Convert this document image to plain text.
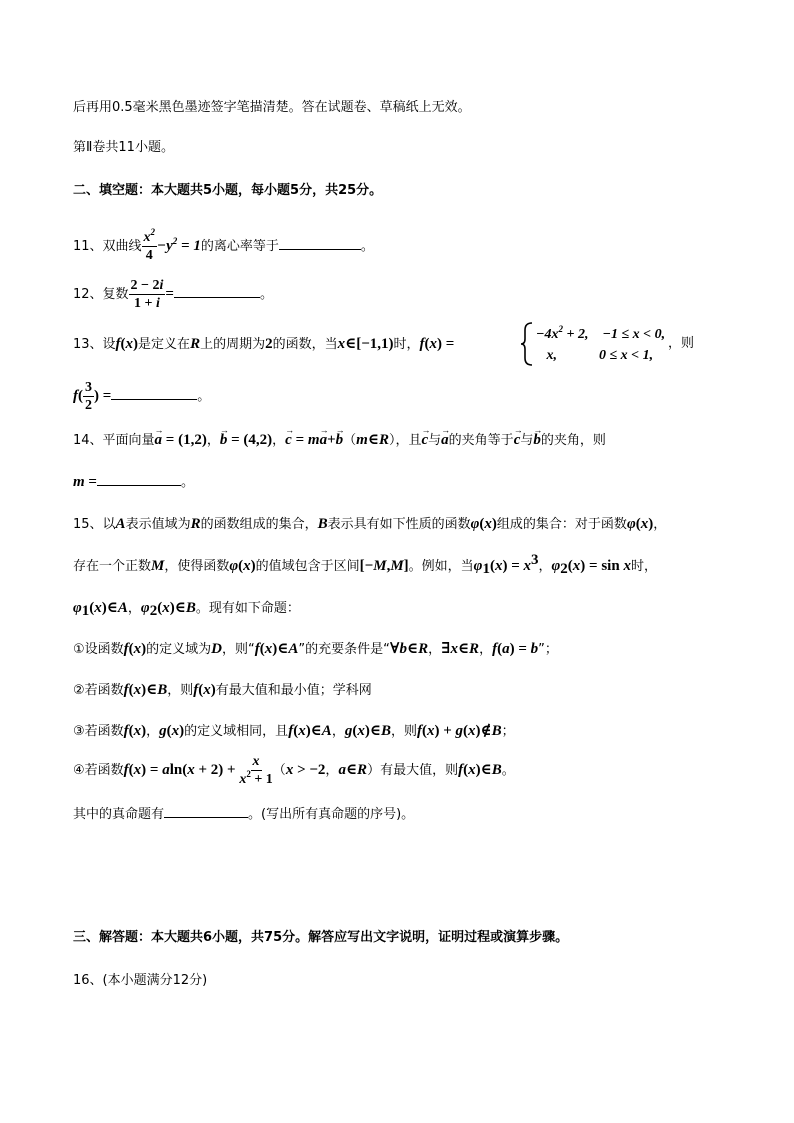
后再用0.5毫米黑色墨迹签字笔描清楚。答在试题卷、草稿纸上无效。
第Ⅱ卷共11小题。
二、填空题：本大题共5小题，每小题5分，共25分。
11、双曲线 $\frac{x^2}{4} -y^2 = 1$的离心率等于	。
12、复数 $\frac{2 - 2i}{1 + i}$ =	。
13、设f(x)是定义在R上的周期为2的函数，当x∈[−1,1)时，f(x) =
$-4x^2 + 2$,    −1 ≤ x < 0,
x,            0 ≤ x < 1,
，则
$f( \frac{3}{2}$ ) =	。
14、平面向量→ a = (1,2)，→ b = (4,2)，→ c = m→ a+→ b（m∈R），且→ c与→ a的夹角等于→ c与→ b的夹角，则
m =	。
15、以A表示值域为R的函数组成的集合，B表示具有如下性质的函数φ(x)组成的集合：对于函数φ(x)，
存在一个正数M，使得函数φ(x)的值域包含于区间[−M,M]。例如，当$\varphi_1(x) = x^3$，$\varphi_2(x) = \sin x$时，
$\varphi_1(x)\in A$，$\varphi_2(x)\in B$。现有如下命题：
①设函数f(x)的定义域为D，则“f(x)∈A”的充要条件是“∀b∈R，∃x∈R，f(a) = b”；
②若函数f(x)∈B，则f(x)有最大值和最小值；学科网
③若函数f(x)，g(x)的定义域相同，且f(x)∈A，g(x)∈B，则f(x) + g(x)∉B；
④若函数$f(x) = aln(x + 2) + \frac{x}{x^2 + 1} (x > -2$，a∈R）有最大值，则f(x)∈B。
其中的真命题有	。(写出所有真命题的序号)。
三、解答题：本大题共6小题，共75分。解答应写出文字说明，证明过程或演算步骤。
16、(本小题满分12分)
